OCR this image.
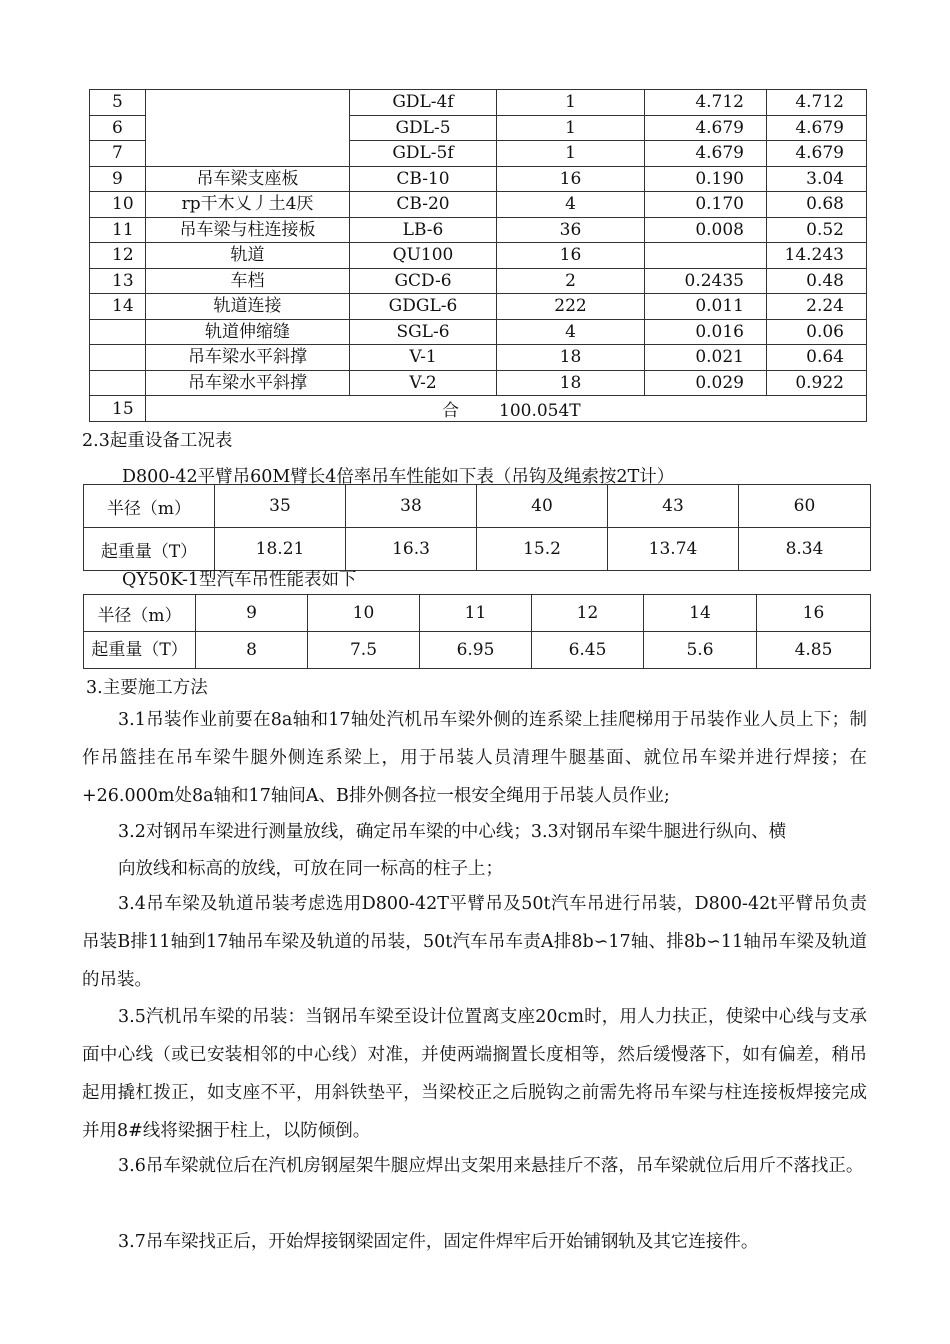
5		GDL-4f	1	4.712	4.712
6		GDL-5	1	4.679	4.679
7		GDL-5f	1	4.679	4.679
9	吊车梁支座板	CB-10	16	0.190	3.04
10	rp干木乂丿土4厌	CB-20	4	0.170	0.68
11	吊车梁与柱连接板	LB-6	36	0.008	0.52
12	轨道	QU100	16		14.243
13	车档	GCD-6	2	0.2435	0.48
14	轨道连接	GDGL-6	222	0.011	2.24
	轨道伸缩缝	SGL-6	4	0.016	0.06
	吊车梁水平斜撑	V-1	18	0.021	0.64
	吊车梁水平斜撑	V-2	18	0.029	0.922
15	合 100.054T				
2.3起重设备工况表
D800-42平臂吊60M臂长4倍率吊车性能如下表（吊钩及绳索按2T计）
半径（m）	35	38	40	43	60
起重量（T）	18.21	16.3	15.2	13.74	8.34
QY50K-1型汽车吊性能表如下
半径（m）	9	10	11	12	14	16
起重量（T）	8	7.5	6.95	6.45	5.6	4.85
3.主要施工方法
3.1吊装作业前要在8a轴和17轴处汽机吊车梁外侧的连系梁上挂爬梯用于吊装作业人员上下；制作吊篮挂在吊车梁牛腿外侧连系梁上，用于吊装人员清理牛腿基面、就位吊车梁并进行焊接；在+26.000m处8a轴和17轴间A、B排外侧各拉一根安全绳用于吊装人员作业;
3.2对钢吊车梁进行测量放线，确定吊车梁的中心线；3.3对钢吊车梁牛腿进行纵向、横
向放线和标高的放线，可放在同一标高的柱子上；
3.4吊车梁及轨道吊装考虑选用D800-42T平臂吊及50t汽车吊进行吊装，D800-42t平臂吊负责吊装B排11轴到17轴吊车梁及轨道的吊装，50t汽车吊车责A排8b∽17轴、排8b∽11轴吊车梁及轨道的吊装。
3.5汽机吊车梁的吊装：当钢吊车梁至设计位置离支座20cm时，用人力扶正，使梁中心线与支承面中心线（或已安装相邻的中心线）对准，并使两端搁置长度相等，然后缓慢落下，如有偏差，稍吊起用撬杠拨正，如支座不平，用斜铁垫平，当梁校正之后脱钩之前需先将吊车梁与柱连接板焊接完成并用8#线将梁捆于柱上，以防倾倒。
3.6吊车梁就位后在汽机房钢屋架牛腿应焊出支架用来悬挂斤不落，吊车梁就位后用斤不落找正。
3.7吊车梁找正后，开始焊接钢梁固定件，固定件焊牢后开始铺钢轨及其它连接件。
